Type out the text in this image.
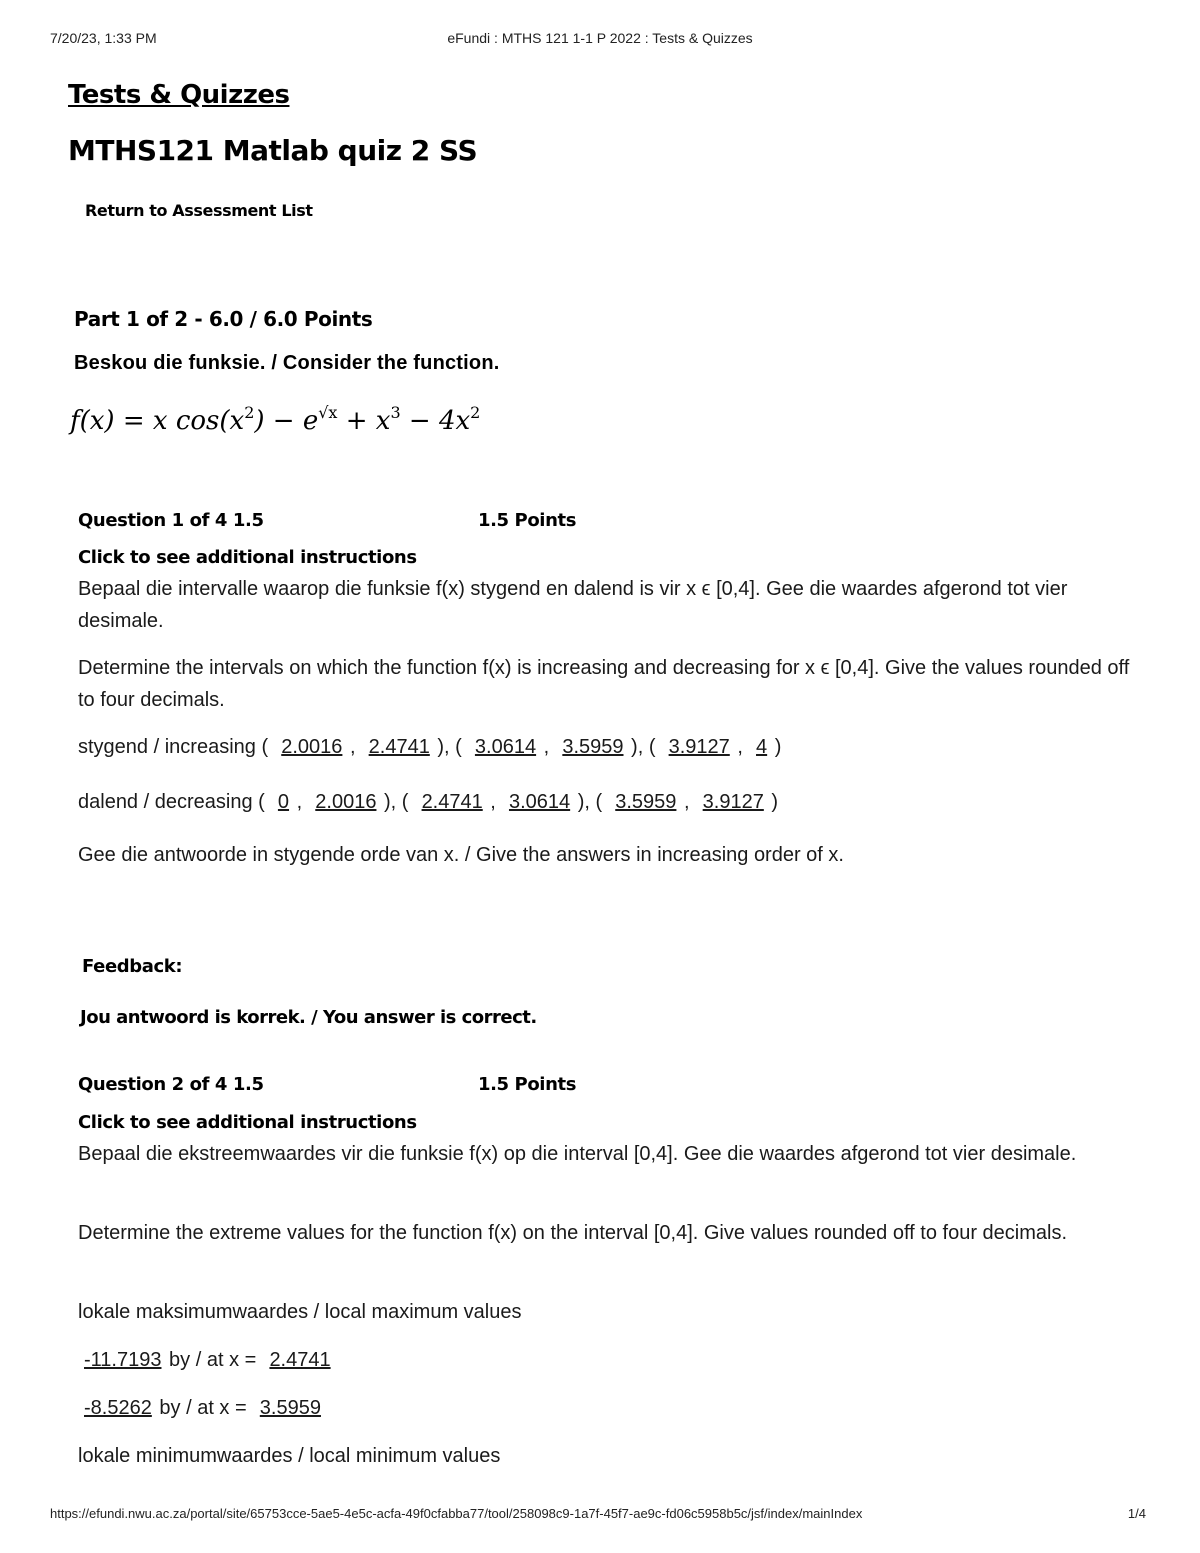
7/20/23, 1:33 PM	eFundi : MTHS 121 1-1 P 2022 : Tests & Quizzes
Tests & Quizzes
MTHS121 Matlab quiz 2 SS
Return to Assessment List
Part 1 of 2 - 6.0 / 6.0 Points
Beskou die funksie. / Consider the function.
f(x) = x $\cos(x^2) - e^{√x} + x^3 - 4x^2$
Question 1 of 4 1.5	1.5 Points
Click to see additional instructions
Bepaal die intervalle waarop die funksie f(x) stygend en dalend is vir x ϵ [0,4]. Gee die waardes afgerond tot vier desimale.
Determine the intervals on which the function f(x) is increasing and decreasing for x ϵ [0,4]. Give the values rounded off to four decimals.
stygend / increasing (  2.0016 ,  2.4741 ), (  3.0614 ,  3.5959 ), (  3.9127 ,  4 )
dalend / decreasing (  0 ,  2.0016 ), (  2.4741 ,  3.0614 ), (  3.5959 ,  3.9127 )
Gee die antwoorde in stygende orde van x. / Give the answers in increasing order of x.
Feedback:
Jou antwoord is korrek. / You answer is correct.
Question 2 of 4 1.5	1.5 Points
Click to see additional instructions
Bepaal die ekstreemwaardes vir die funksie f(x) op die interval [0,4]. Gee die waardes afgerond tot vier desimale.
Determine the extreme values for the function f(x) on the interval [0,4]. Give values rounded off to four decimals.
lokale maksimumwaardes / local maximum values
-11.7193 by / at x = 2.4741
-8.5262 by / at x = 3.5959
lokale minimumwaardes / local minimum values
https://efundi.nwu.ac.za/portal/site/65753cce-5ae5-4e5c-acfa-49f0cfabba77/tool/258098c9-1a7f-45f7-ae9c-fd06c5958b5c/jsf/index/mainIndex	1/4
